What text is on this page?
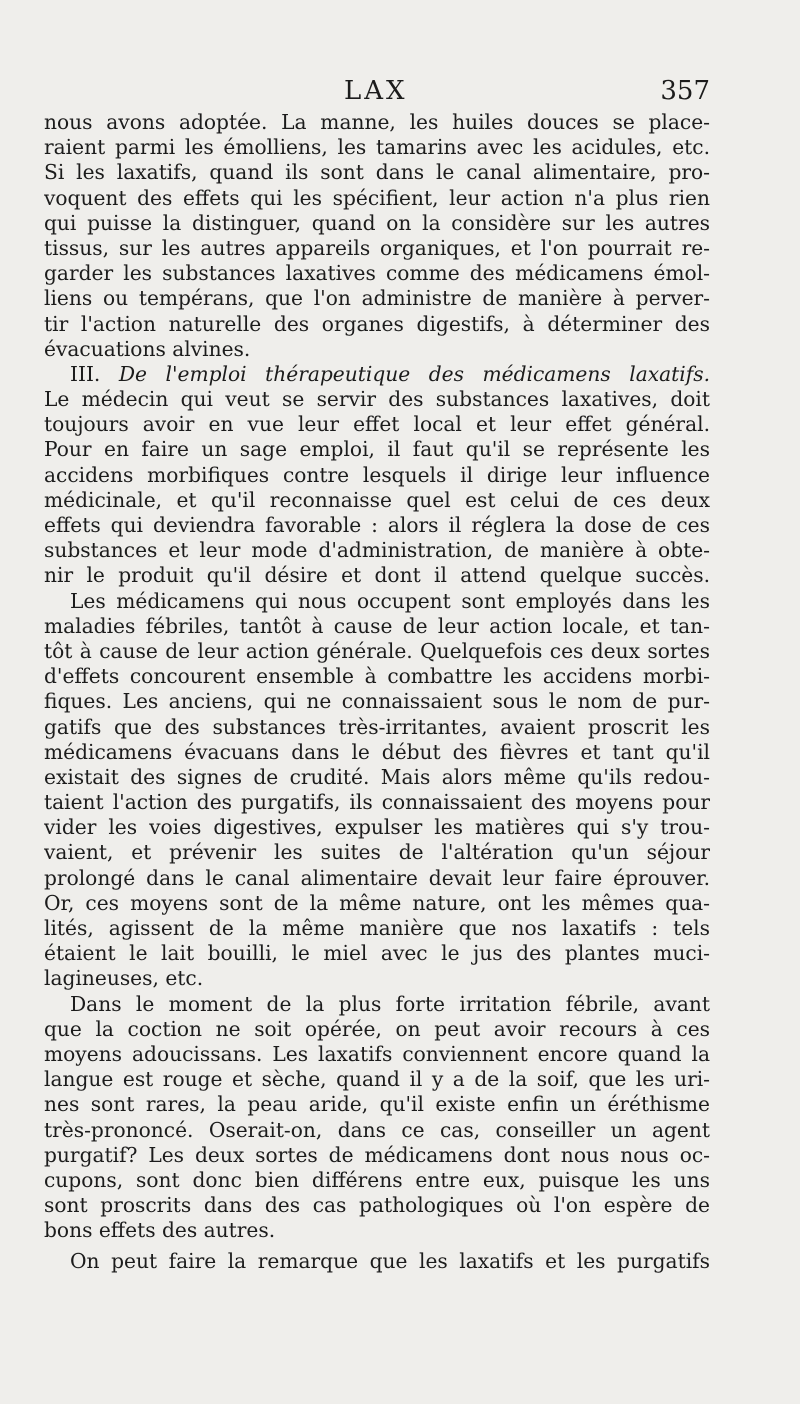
LAX	357
nous avons adoptée. La manne, les huiles douces se place-
raient parmi les émolliens, les tamarins avec les acidules, etc.
Si les laxatifs, quand ils sont dans le canal alimentaire, pro-
voquent des effets qui les spécifient, leur action n'a plus rien
qui puisse la distinguer, quand on la considère sur les autres
tissus, sur les autres appareils organiques, et l'on pourrait re-
garder les substances laxatives comme des médicamens émol-
liens ou tempérans, que l'on administre de manière à perver-
tir l'action naturelle des organes digestifs, à déterminer des
évacuations alvines.
III. De l'emploi thérapeutique des médicamens laxatifs.
Le médecin qui veut se servir des substances laxatives, doit
toujours avoir en vue leur effet local et leur effet général.
Pour en faire un sage emploi, il faut qu'il se représente les
accidens morbifiques contre lesquels il dirige leur influence
médicinale, et qu'il reconnaisse quel est celui de ces deux
effets qui deviendra favorable : alors il réglera la dose de ces
substances et leur mode d'administration, de manière à obte-
nir le produit qu'il désire et dont il attend quelque succès.
Les médicamens qui nous occupent sont employés dans les
maladies fébriles, tantôt à cause de leur action locale, et tan-
tôt à cause de leur action générale. Quelquefois ces deux sortes
d'effets concourent ensemble à combattre les accidens morbi-
fiques. Les anciens, qui ne connaissaient sous le nom de pur-
gatifs que des substances très-irritantes, avaient proscrit les
médicamens évacuans dans le début des fièvres et tant qu'il
existait des signes de crudité. Mais alors même qu'ils redou-
taient l'action des purgatifs, ils connaissaient des moyens pour
vider les voies digestives, expulser les matières qui s'y trou-
vaient, et prévenir les suites de l'altération qu'un séjour
prolongé dans le canal alimentaire devait leur faire éprouver.
Or, ces moyens sont de la même nature, ont les mêmes qua-
lités, agissent de la même manière que nos laxatifs : tels
étaient le lait bouilli, le miel avec le jus des plantes muci-
lagineuses, etc.
Dans le moment de la plus forte irritation fébrile, avant
que la coction ne soit opérée, on peut avoir recours à ces
moyens adoucissans. Les laxatifs conviennent encore quand la
langue est rouge et sèche, quand il y a de la soif, que les uri-
nes sont rares, la peau aride, qu'il existe enfin un éréthisme
très-prononcé. Oserait-on, dans ce cas, conseiller un agent
purgatif? Les deux sortes de médicamens dont nous nous oc-
cupons, sont donc bien différens entre eux, puisque les uns
sont proscrits dans des cas pathologiques où l'on espère de
bons effets des autres.
On peut faire la remarque que les laxatifs et les purgatifs
